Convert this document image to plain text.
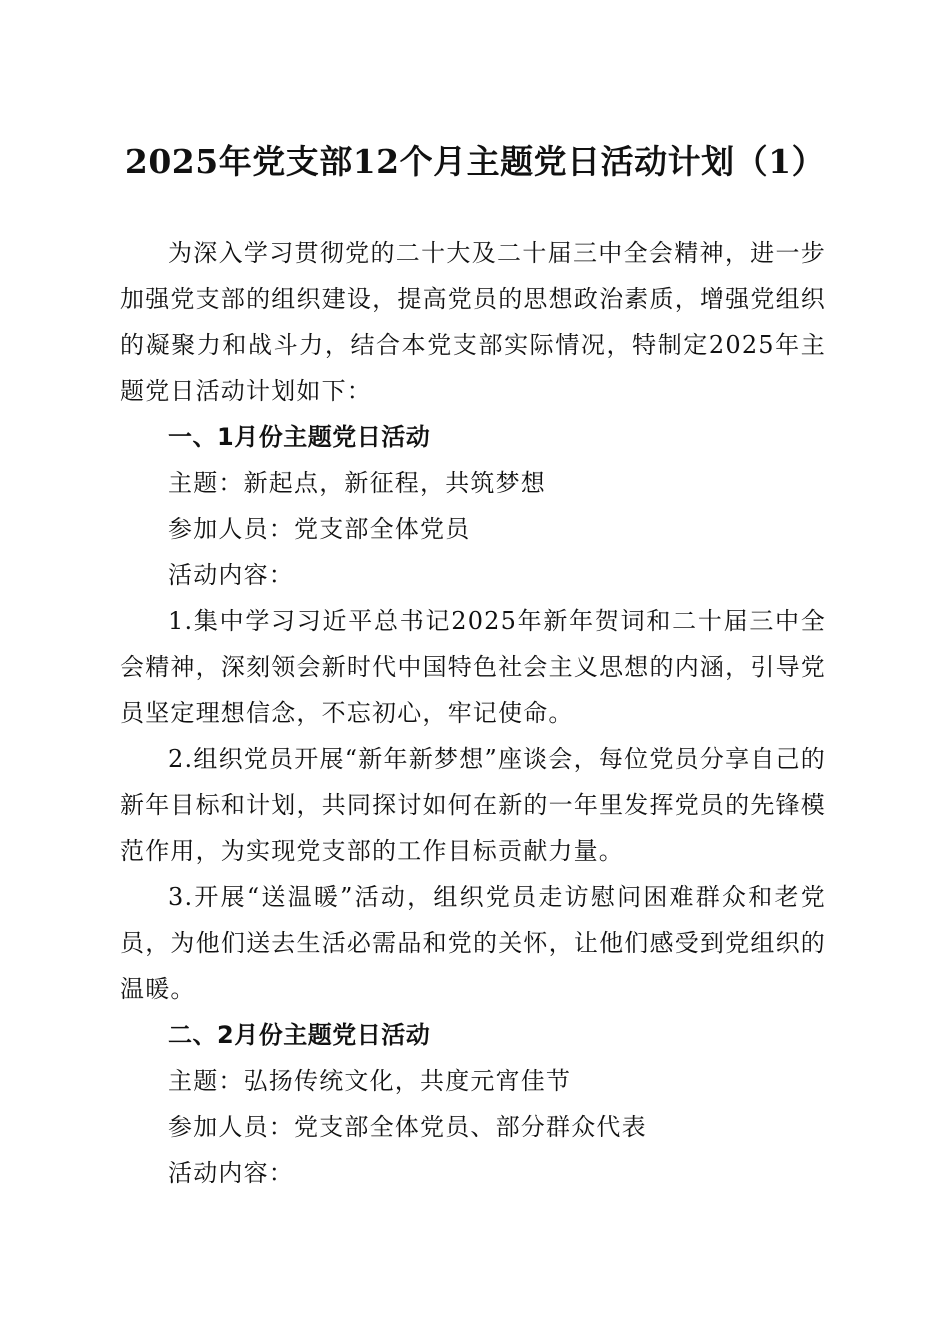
2025年党支部12个月主题党日活动计划（1）

为深入学习贯彻党的二十大及二十届三中全会精神，进一步加强党支部的组织建设，提高党员的思想政治素质，增强党组织的凝聚力和战斗力，结合本党支部实际情况，特制定2025年主题党日活动计划如下：

一、1月份主题党日活动

主题：新起点，新征程，共筑梦想

参加人员：党支部全体党员

活动内容：

1.集中学习习近平总书记2025年新年贺词和二十届三中全会精神，深刻领会新时代中国特色社会主义思想的内涵，引导党员坚定理想信念，不忘初心，牢记使命。

2.组织党员开展“新年新梦想”座谈会，每位党员分享自己的新年目标和计划，共同探讨如何在新的一年里发挥党员的先锋模范作用，为实现党支部的工作目标贡献力量。

3.开展“送温暖”活动，组织党员走访慰问困难群众和老党员，为他们送去生活必需品和党的关怀，让他们感受到党组织的温暖。

二、2月份主题党日活动

主题：弘扬传统文化，共度元宵佳节

参加人员：党支部全体党员、部分群众代表

活动内容：
